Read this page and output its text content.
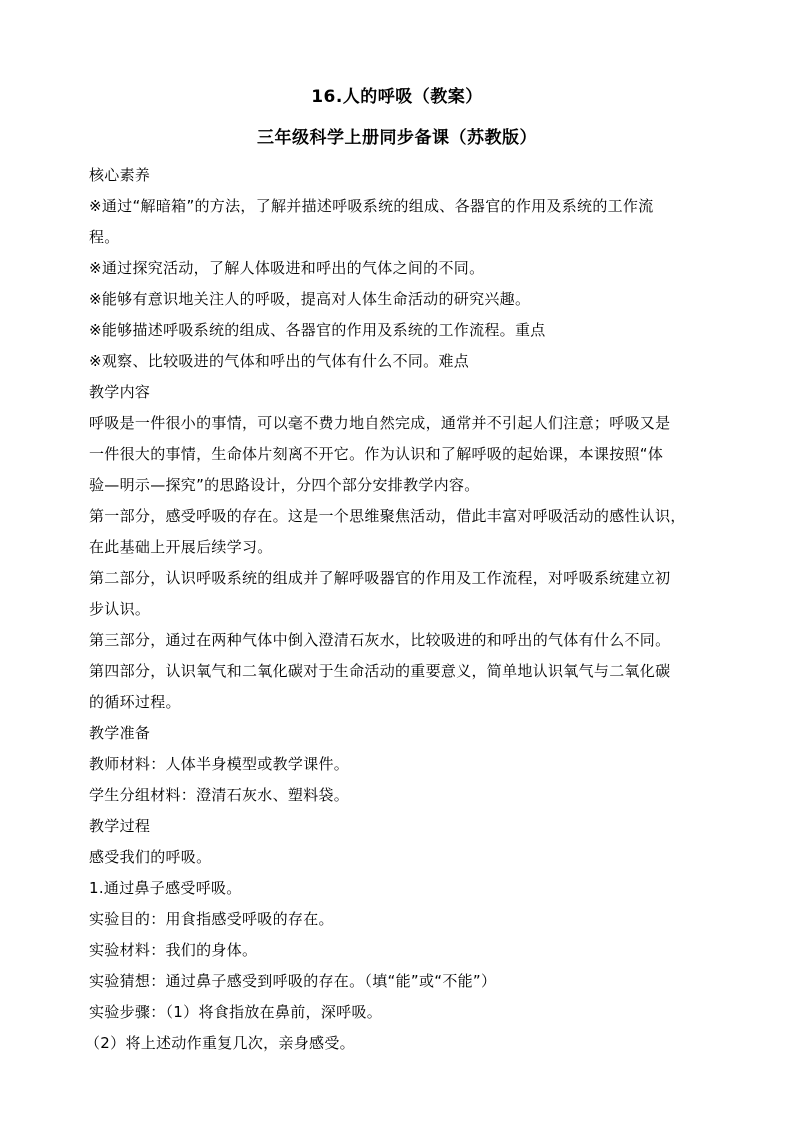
16.人的呼吸（教案）
三年级科学上册同步备课（苏教版）

核心素养

※通过“解暗箱”的方法，了解并描述呼吸系统的组成、各器官的作用及系统的工作流

程。

※通过探究活动，了解人体吸进和呼出的气体之间的不同。

※能够有意识地关注人的呼吸，提高对人体生命活动的研究兴趣。

※能够描述呼吸系统的组成、各器官的作用及系统的工作流程。重点

※观察、比较吸进的气体和呼出的气体有什么不同。难点

教学内容

呼吸是一件很小的事情，可以毫不费力地自然完成，通常并不引起人们注意；呼吸又是

一件很大的事情，生命体片刻离不开它。作为认识和了解呼吸的起始课，本课按照“体

验—明示—探究”的思路设计，分四个部分安排教学内容。

第一部分，感受呼吸的存在。这是一个思维聚焦活动，借此丰富对呼吸活动的感性认识，

在此基础上开展后续学习。

第二部分，认识呼吸系统的组成并了解呼吸器官的作用及工作流程，对呼吸系统建立初

步认识。

第三部分，通过在两种气体中倒入澄清石灰水，比较吸进的和呼出的气体有什么不同。

第四部分，认识氧气和二氧化碳对于生命活动的重要意义，简单地认识氧气与二氧化碳

的循环过程。

教学准备

教师材料：人体半身模型或教学课件。

学生分组材料：澄清石灰水、塑料袋。

教学过程

感受我们的呼吸。

1.通过鼻子感受呼吸。

实验目的：用食指感受呼吸的存在。

实验材料：我们的身体。

实验猜想：通过鼻子感受到呼吸的存在。（填“能”或“不能”）

实验步骤：（1）将食指放在鼻前，深呼吸。

（2）将上述动作重复几次，亲身感受。
